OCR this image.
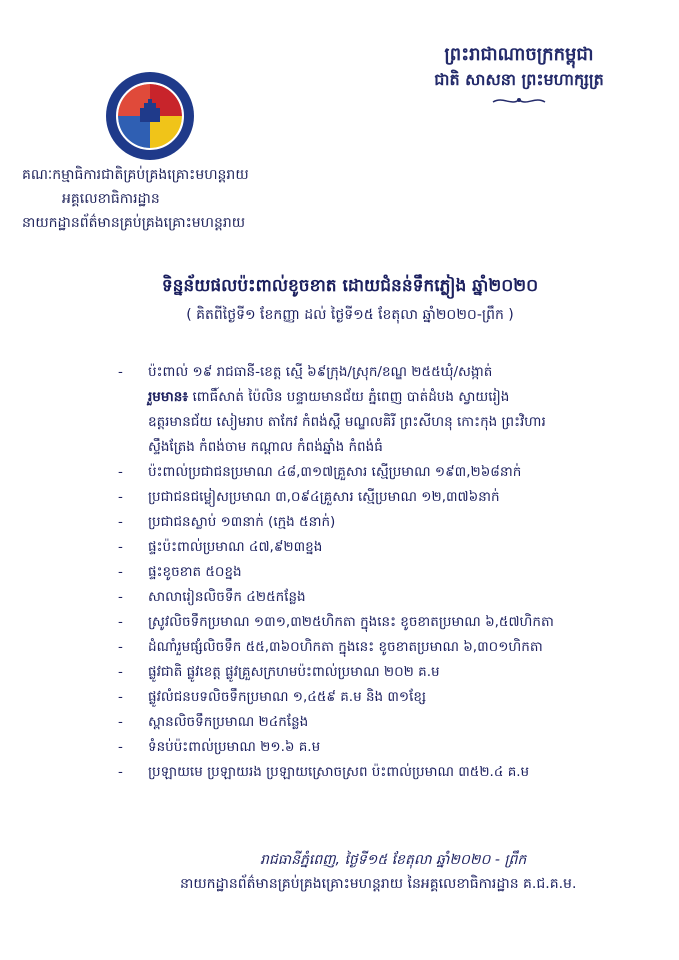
ព្រះរាជាណាចក្រកម្ពុជា
ជាតិ សាសនា ព្រះមហាក្សត្រ
គណៈកម្មាធិការជាតិគ្រប់គ្រងគ្រោះមហន្តរាយ
អគ្គលេខាធិការដ្ឋាន
នាយកដ្ឋានព័ត៌មានគ្រប់គ្រងគ្រោះមហន្តរាយ
ទិន្នន័យផលប៉ះពាល់ខូចខាត ដោយជំនន់ទឹកភ្លៀង ឆ្នាំ២០២០
( គិតពីថ្ងៃទី១ ខែកញ្ញា ដល់ ថ្ងៃទី១៥ ខែតុលា ឆ្នាំ២០២០-ព្រឹក )
- ប៉ះពាល់ ១៩ រាជធានី-ខេត្ត ស្មើ ៦៩ក្រុង/ស្រុក/ខណ្ឌ ២៥៥ឃុំ/សង្កាត់
រួមមាន៖ ពោធិ៍សាត់ ប៉ៃលិន បន្ទាយមានជ័យ ភ្នំពេញ បាត់ដំបង ស្វាយរៀង
ឧត្តរមានជ័យ សៀមរាប តាកែវ កំពង់ស្ពឺ មណ្ឌលគិរី ព្រះសីហនុ កោះកុង ព្រះវិហារ
ស្ទឹងត្រែង កំពង់ចាម កណ្ដាល កំពង់ឆ្នាំង កំពង់ធំ
- ប៉ះពាល់ប្រជាជនប្រមាណ ៤៨,៣១៧គ្រួសារ ស្មើប្រមាណ ១៩៣,២៦៨នាក់
- ប្រជាជនជម្លៀសប្រមាណ ៣,០៩៤គ្រួសារ ស្មើប្រមាណ ១២,៣៧៦នាក់
- ប្រជាជនស្លាប់ ១៣នាក់ (ក្មេង ៥នាក់)
- ផ្ទះប៉ះពាល់ប្រមាណ ៤៧,៩២៣ខ្នង
- ផ្ទះខូចខាត ៥០ខ្នង
- សាលារៀនលិចទឹក ៤២៥កន្លែង
- ស្រូវលិចទឹកប្រមាណ ១៣១,៣២៥ហិកតា ក្នុងនេះ ខូចខាតប្រមាណ ៦,៥៧ហិកតា
- ដំណាំរួមផ្សំលិចទឹក ៥៥,៣៦០ហិកតា ក្នុងនេះ ខូចខាតប្រមាណ ៦,៣០១ហិកតា
- ផ្លូវជាតិ ផ្លូវខេត្ត ផ្លូវគ្រួសក្រហមប៉ះពាល់ប្រមាណ ២០២ គ.ម
- ផ្លូវលំជនបទលិចទឹកប្រមាណ ១,៤៥៩ គ.ម និង ៣១ខ្សែ
- ស្ពានលិចទឹកប្រមាណ ២៤កន្លែង
- ទំនប់ប៉ះពាល់ប្រមាណ ២១.៦ គ.ម
- ប្រឡាយមេ ប្រឡាយរង ប្រឡាយស្រោចស្រព ប៉ះពាល់ប្រមាណ ៣៥២.៤ គ.ម
រាជធានីភ្នំពេញ, ថ្ងៃទី១៥ ខែតុលា ឆ្នាំ២០២០ - ព្រឹក
នាយកដ្ឋានព័ត៌មានគ្រប់គ្រងគ្រោះមហន្តរាយ នៃអគ្គលេខាធិការដ្ឋាន គ.ជ.គ.ម.
